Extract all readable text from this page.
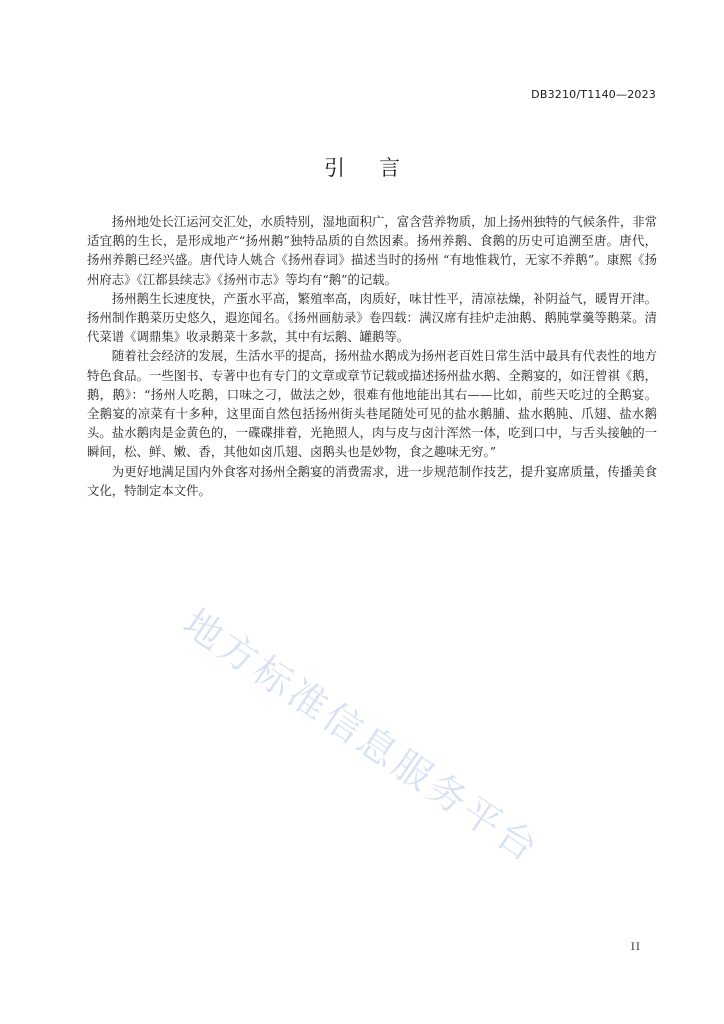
DB3210/T1140—2023
引言

扬州地处长江运河交汇处，水质特别，湿地面积广，富含营养物质，加上扬州独特的气候条件，非常适宜鹅的生长，是形成地产“扬州鹅”独特品质的自然因素。扬州养鹅、食鹅的历史可追溯至唐。唐代，扬州养鹅已经兴盛。唐代诗人姚合《扬州春词》描述当时的扬州 “有地惟栽竹，无家不养鹅”。康熙《扬州府志》《江都县续志》《扬州市志》等均有“鹅”的记载。

扬州鹅生长速度快，产蛋水平高，繁殖率高，肉质好，味甘性平，清凉祛燥，补阴益气，暖胃开津。扬州制作鹅菜历史悠久，遐迩闻名。《扬州画舫录》卷四载：满汉席有挂炉走油鹅、鹅肫掌羹等鹅菜。清代菜谱《调鼎集》收录鹅菜十多款，其中有坛鹅、罐鹅等。

随着社会经济的发展，生活水平的提高，扬州盐水鹅成为扬州老百姓日常生活中最具有代表性的地方特色食品。一些图书、专著中也有专门的文章或章节记载或描述扬州盐水鹅、全鹅宴的，如汪曾祺《鹅，鹅，鹅》：“扬州人吃鹅，口味之刁，做法之妙，很难有他地能出其右——比如，前些天吃过的全鹅宴。全鹅宴的凉菜有十多种，这里面自然包括扬州街头巷尾随处可见的盐水鹅脯、盐水鹅肫、爪翅、盐水鹅头。盐水鹅肉是金黄色的，一碟碟排着，光艳照人，肉与皮与卤汁浑然一体，吃到口中，与舌头接触的一瞬间，松、鲜、嫩、香，其他如卤爪翅、卤鹅头也是妙物，食之趣味无穷。”

为更好地满足国内外食客对扬州全鹅宴的消费需求，进一步规范制作技艺，提升宴席质量，传播美食文化，特制定本文件。

地方标准信息服务平台
II
